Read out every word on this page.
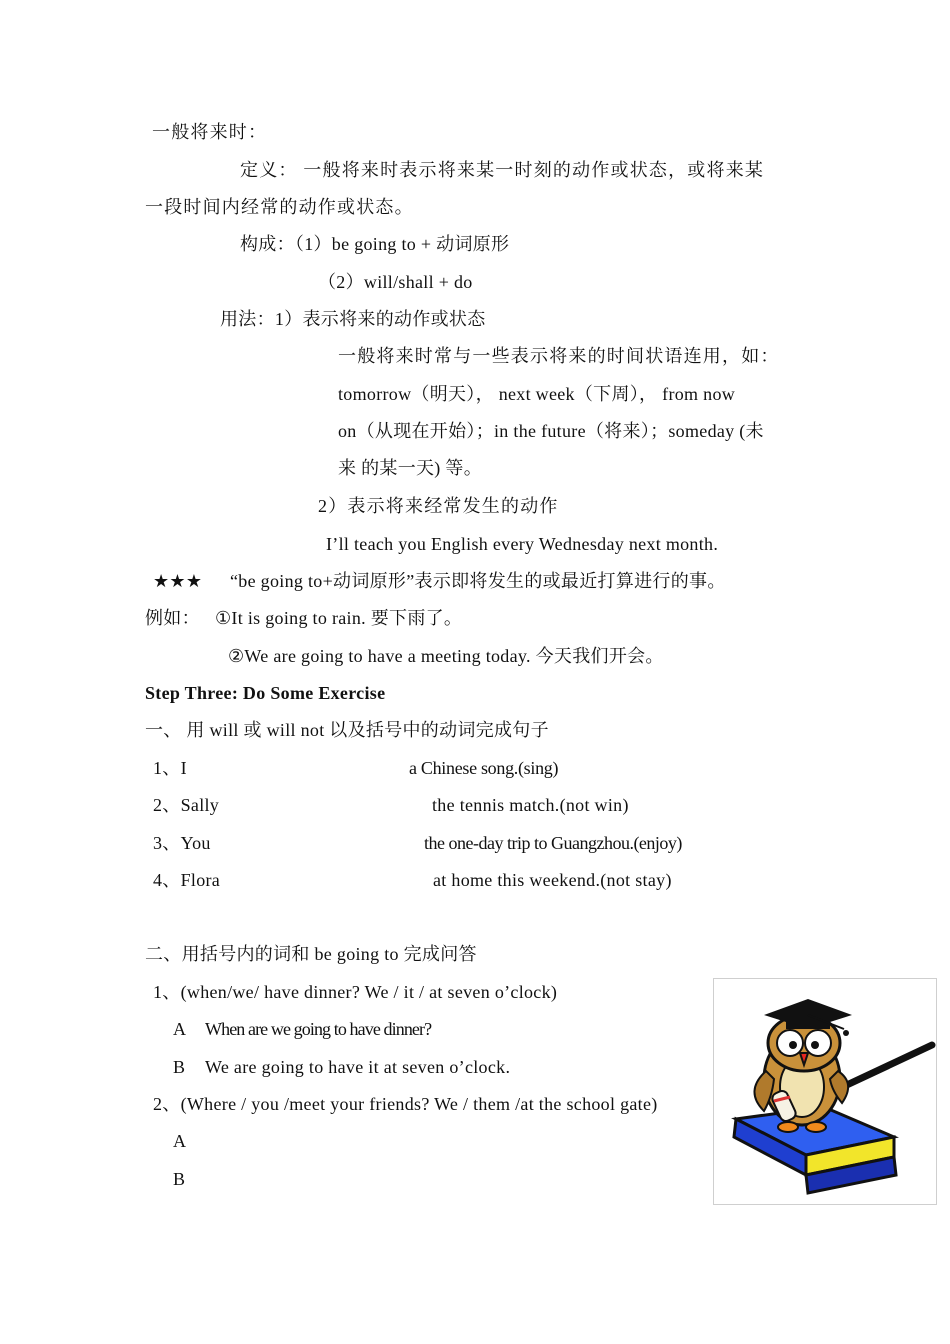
一般将来时：
定义： 一般将来时表示将来某一时刻的动作或状态，或将来某
一段时间内经常的动作或状态。
构成：（1）be going to + 动词原形
（2）will/shall + do
用法：1）表示将来的动作或状态
一般将来时常与一些表示将来的时间状语连用，如：
tomorrow（明天）， next week（下周）， from now
on（从现在开始）；in the future（将来）；someday (未
来 的某一天) 等。
2）表示将来经常发生的动作
I’ll teach you English every Wednesday next month.
★★★ “be going to+动词原形”表示即将发生的或最近打算进行的事。
例如： ①It is going to rain. 要下雨了。
②We are going to have a meeting today. 今天我们开会。
Step Three: Do Some Exercise
一、 用 will 或 will not 以及括号中的动词完成句子
1、I	a Chinese song.(sing)
2、Sally	the tennis match.(not win)
3、You	the one-day trip to Guangzhou.(enjoy)
4、Flora	at home this weekend.(not stay)
二、用括号内的词和 be going to 完成问答
1、(when/we/ have dinner? We / it / at seven o’clock)
A When are we going to have dinner?
B We are going to have it at seven o’clock.
2、(Where / you /meet your friends? We / them /at the school gate)
A
B
